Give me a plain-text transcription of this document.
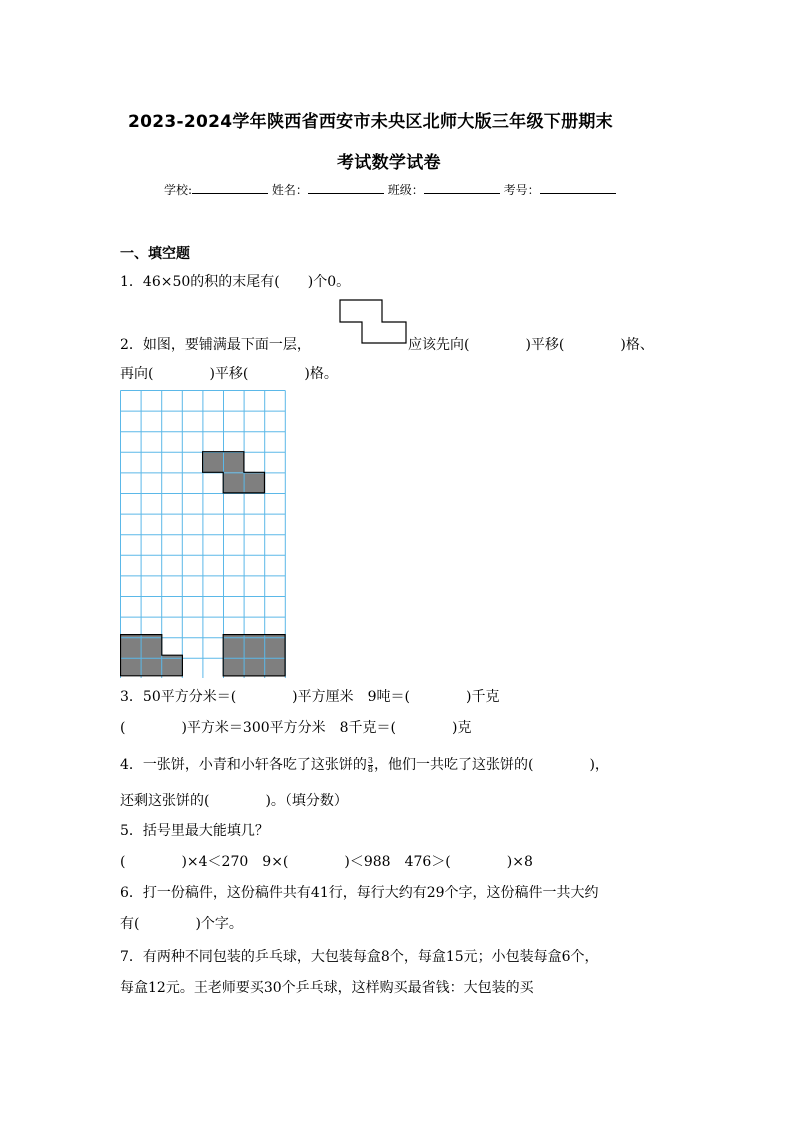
2023-2024学年陕西省西安市未央区北师大版三年级下册期末
考试数学试卷
学校:	姓名：	班级：	考号：
一、填空题
1．46×50的积的末尾有(　　)个0。
2．如图，要铺满最下面一层，	应该先向(　　　　)平移(　　　　)格、
再向(　　　　)平移(　　　　)格。
3．50平方分米＝(　　　　)平方厘米　9吨＝(　　　　)千克
(　　　　)平方米＝300平方分米　8千克＝(　　　　)克
4．一张饼，小青和小轩各吃了这张饼的 $\frac{3}{8}$ ，他们一共吃了这张饼的(　　　　)，
还剩这张饼的(　　　　)。（填分数）
5．括号里最大能填几？
(　　　　)×4＜270　9×(　　　　)＜988　476＞(　　　　)×8
6．打一份稿件，这份稿件共有41行，每行大约有29个字，这份稿件一共大约
有(　　　　)个字。
7．有两种不同包装的乒乓球，大包装每盒8个，每盒15元；小包装每盒6个，
每盒12元。王老师要买30个乒乓球，这样购买最省钱：大包装的买
